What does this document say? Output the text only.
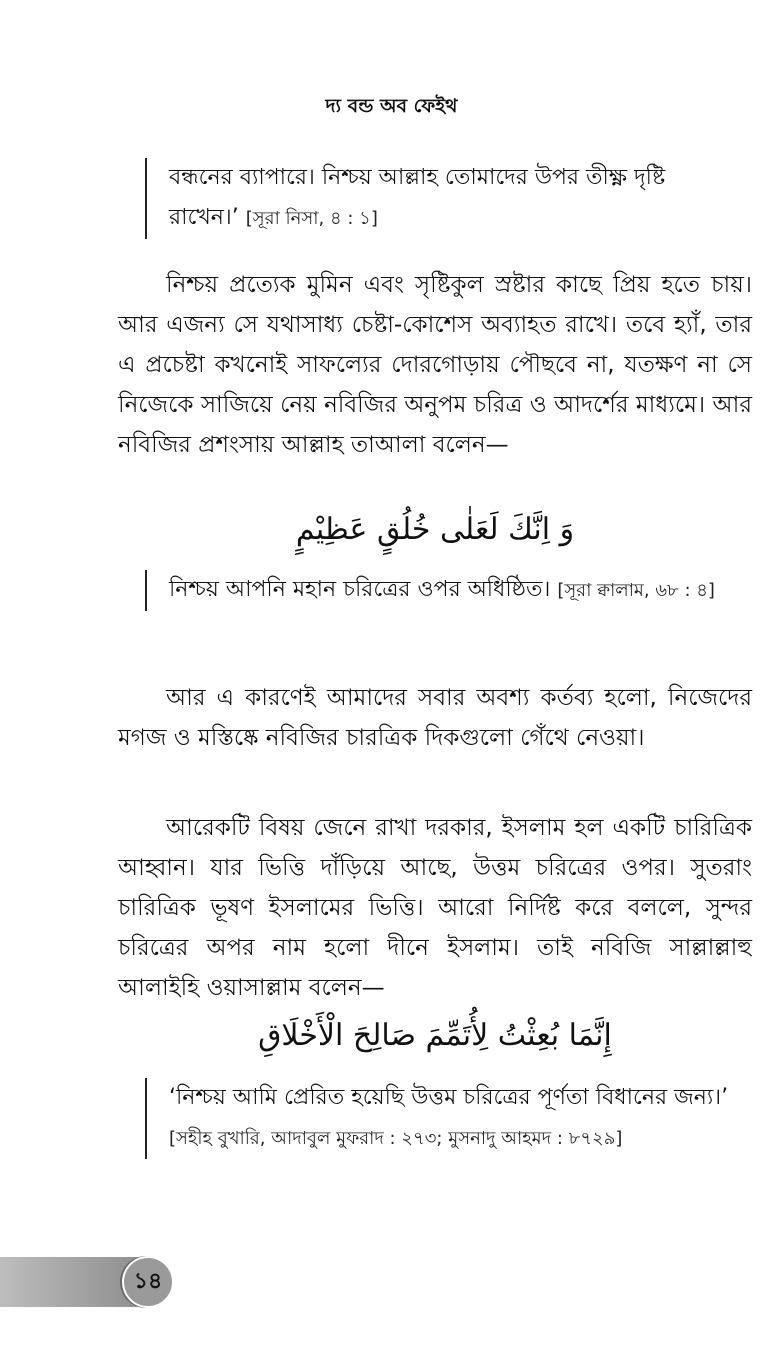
দ্য বন্ড অব ফেইথ
বন্ধনের ব্যাপারে। নিশ্চয় আল্লাহ তোমাদের উপর তীক্ষ্ণ দৃষ্টি রাখেন।’ [সূরা নিসা, ৪ : ১]
নিশ্চয় প্রত্যেক মুমিন এবং সৃষ্টিকুল স্রষ্টার কাছে প্রিয় হতে চায়। আর এজন্য সে যথাসাধ্য চেষ্টা-কোশেস অব্যাহত রাখে। তবে হ্যাঁ, তার এ প্রচেষ্টা কখনোই সাফল্যের দোরগোড়ায় পৌছবে না, যতক্ষণ না সে নিজেকে সাজিয়ে নেয় নবিজির অনুপম চরিত্র ও আদর্শের মাধ্যমে। আর নবিজির প্রশংসায় আল্লাহ তাআলা বলেন—
وَ اِنَّكَ لَعَلٰى خُلُقٍ عَظِيْمٍ
নিশ্চয় আপনি মহান চরিত্রের ওপর অধিষ্ঠিত। [সূরা ক্বালাম, ৬৮ : ৪]
আর এ কারণেই আমাদের সবার অবশ্য কর্তব্য হলো, নিজেদের মগজ ও মস্তিষ্কে নবিজির চারত্রিক দিকগুলো গেঁথে নেওয়া।
আরেকটি বিষয় জেনে রাখা দরকার, ইসলাম হল একটি চারিত্রিক আহ্বান। যার ভিত্তি দাঁড়িয়ে আছে, উত্তম চরিত্রের ওপর। সুতরাং চারিত্রিক ভূষণ ইসলামের ভিত্তি। আরো নির্দিষ্ট করে বললে, সুন্দর চরিত্রের অপর নাম হলো দীনে ইসলাম। তাই নবিজি সাল্লাল্লাহু আলাইহি ওয়াসাল্লাম বলেন—
إِنَّمَا بُعِثْتُ لِأُتَمِّمَ صَالِحَ الْأَخْلَاقِ
‘নিশ্চয় আমি প্রেরিত হয়েছি উত্তম চরিত্রের পূর্ণতা বিধানের জন্য।’ [সহীহ বুখারি, আদাবুল মুফরাদ : ২৭৩; মুসনাদু আহমদ : ৮৭২৯]
১৪
